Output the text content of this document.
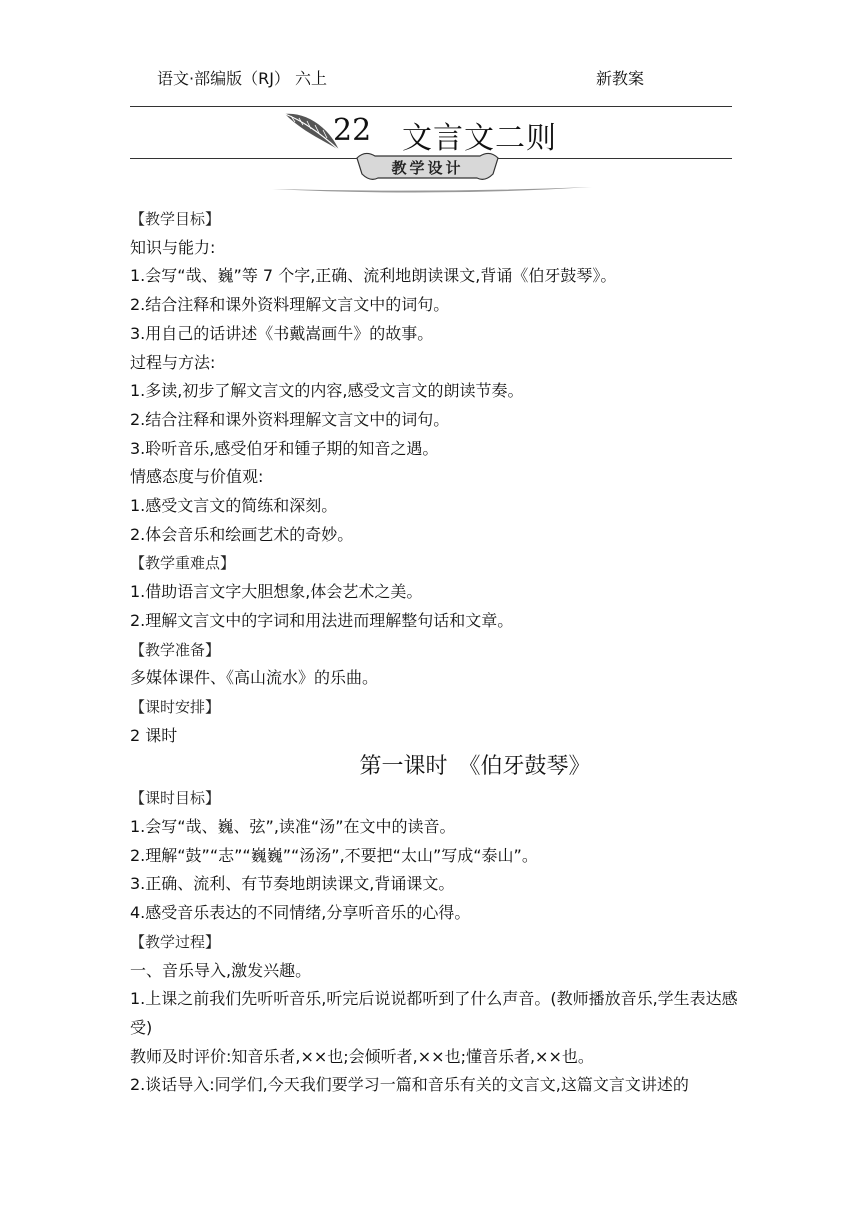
语文·部编版（RJ） 六上	新教案
22 文言文二则
教学设计
【教学目标】
知识与能力:
1.会写“哉、巍”等 7 个字,正确、流利地朗读课文,背诵《伯牙鼓琴》。
2.结合注释和课外资料理解文言文中的词句。
3.用自己的话讲述《书戴嵩画牛》的故事。
过程与方法:
1.多读,初步了解文言文的内容,感受文言文的朗读节奏。
2.结合注释和课外资料理解文言文中的词句。
3.聆听音乐,感受伯牙和锺子期的知音之遇。
情感态度与价值观:
1.感受文言文的简练和深刻。
2.体会音乐和绘画艺术的奇妙。
【教学重难点】
1.借助语言文字大胆想象,体会艺术之美。
2.理解文言文中的字词和用法进而理解整句话和文章。
【教学准备】
多媒体课件、《高山流水》的乐曲。
【课时安排】
2 课时
第一课时　《伯牙鼓琴》
【课时目标】
1.会写“哉、巍、弦”,读准“汤”在文中的读音。
2.理解“鼓”“志”“巍巍”“汤汤”,不要把“太山”写成“泰山”。
3.正确、流利、有节奏地朗读课文,背诵课文。
4.感受音乐表达的不同情绪,分享听音乐的心得。
【教学过程】
一、音乐导入,激发兴趣。
1.上课之前我们先听听音乐,听完后说说都听到了什么声音。(教师播放音乐,学生表达感受)
教师及时评价:知音乐者,××也;会倾听者,××也;懂音乐者,××也。
2.谈话导入:同学们,今天我们要学习一篇和音乐有关的文言文,这篇文言文讲述的
